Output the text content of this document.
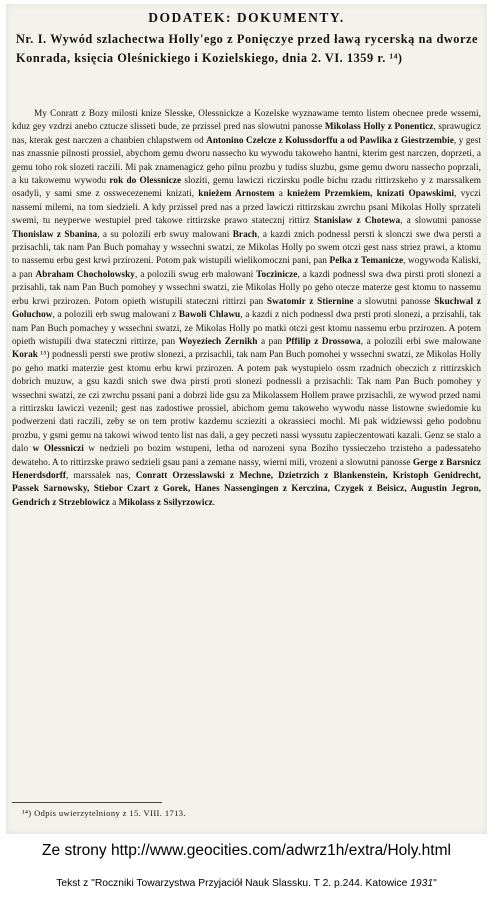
DODATEK: DOKUMENTY.
Nr. I. Wywód szlachectwa Holly'ego z Ponięczye przed ławą rycerską na dworze Konrada, księcia Oleśnickiego i Kozielskiego, dnia 2. VI. 1359 r. ¹⁴)

My Conratt z Bozy milosti knize Slesske, Olessnickze a Kozelske wyznawame temto listem obecnee prede wssemi, kduz gey vzdrzi anebo cztucze slisseti bude, ze przissel pred nas slowutni panosse Mikolass Holly z Ponenticz, sprawugicz nas, kterak gest narczen a chanbien chlapstwem od Antonino Czelcze z Kolussdorffu a od Pawlika z Giestrzembie, y gest nas znassnie pilnosti prossiel, abychom gemu dworu nassecho ku wywodu takoweho hantni, kterim gest narczen, doprzeti, a gemu toho rok slozeti raczili. Mi pak znamenagicz geho pilnu prozbu y tudiss sluzbu, gsme gemu dworu nassecho poprzali, a ku takowemu wywodu rok do Olessnicze sloziti, gemu lawiczi riczirsku podle bichu rzadu rittirzskeho y z marssalkem osadyli, y sami sme z osswecezenemi knizati, knieżem Arnostem a knieżem Przemkiem, knizati Opawskimi, vyczi nassemi milemi, na tom siedzieli. A kdy przissel pred nas a przed lawiczi rittirzskau zwrchu psani Mikolas Holly sprzateli swemi, tu neyperwe westupiel pred takowe rittirzske prawo statecznj rittirz Stanislaw z Chotewa, a slowutni panosse Thonislaw z Sbanina, a su polozili erb swuy malowani Brach, a kazdi znich podnessl persti k slonczi swe dwa persti a przisachli, tak nam Pan Buch pomahay y wssechni swatzi, ze Mikolas Holly po swem otczi gest nass striez prawi, a ktomu to nassemu erbu gest krwi przirozeni. Potom pak wistupili wielikomoczni pani, pan Pelka z Temanicze, wogywoda Kaliski, a pan Abraham Chocholowsky, a polozili swug erb malowani Toczinicze, a kazdi podnessl swa dwa pirsti proti slonezi a przisahli, tak nam Pan Buch pomohey y wssechni swatzi, zie Mikolas Holly po geho otecze materze gest ktomu to nassemu erbu krwi przirozen. Potom opieth wistupili stateczni rittirzi pan Swatomir z Stiernine a slowutni panosse Skuchwal z Goluchow, a polozili erb swug malowani z Bawoli Chlawu, a kazdi z nich podnessl dwa prsti proti slonezi, a przisahli, tak nam Pan Buch pomachey y wssechni swatzi, ze Mikolas Holly po matki otczi gest ktomu nassemu erbu przirozen. A potem opieth wistupili dwa stateczni rittirze, pan Woyeziech Zernikh a pan Pffilip z Drossowa, a polozili erbi swe malowane Korak ¹⁵) podnessli persti swe protiw slonezi, a przisachli, tak nam Pan Buch pomohei y wssechni swatzi, ze Mikolas Holly po geho matki materzie gest ktomu erbu krwi przirozen. A potem pak wystupielo ossm rzadnich obeczich z rittirzskich dobrich muzuw, a gsu kazdi snich swe dwa pirsti proti slonezi podnessli a przisachli: Tak nam Pan Buch pomohey y wssechni swatzi, ze czi zwrchu pssani pani a dobrzi lide gsu za Mikolassem Hollem prawe przisachli, ze wywod przed nami a rittirzsku lawiczi vezenil; gest nas zadostiwe prossiel, abichom gemu takoweho wywodu nasse listowne swiedomie ku podwerzeni dati raczili, zeby se on tem protiw kazdemu sczieziti a okrassieci mochl. Mi pak widziewssi geho podobnu prozbu, y gsmi gemu na takowi wiwod tento list nas dali, a gey peczeti nassi wyssutu zapieczentowati kazali. Genz se stalo a dalo w Olessniczi w nedzieli po bozim wstupeni, letha od narozeni syna Boziho tyssieczeho trzisteho a padessateho dewateho. A to rittirzske prawo sedzieli gsau pani a zemane nassy, wierni mili, vrozeni a slowutni panosse Gerge z Barsnicz Henerdsdorff, marssalek nas, Conratt Orzesslawski z Mechne, Dzietrzich z Blankenstein, Kristoph Genidrecht, Passek Sarnowsky, Stiebor Czart z Gorek, Hanes Nassengingen z Kerczina, Czygek z Beisicz, Augustin Jegron, Gendrich z Strzeblowicz a Mikolass z Ssilyrzowicz.

¹⁴) Odpis uwierzytelniony z 15. VIII. 1713.
Ze strony http://www.geocities.com/adwrz1h/extra/Holy.html
Tekst z "Roczniki Towarzystwa Przyjaciół Nauk Slassku. T 2. p.244. Katowice 1931"
